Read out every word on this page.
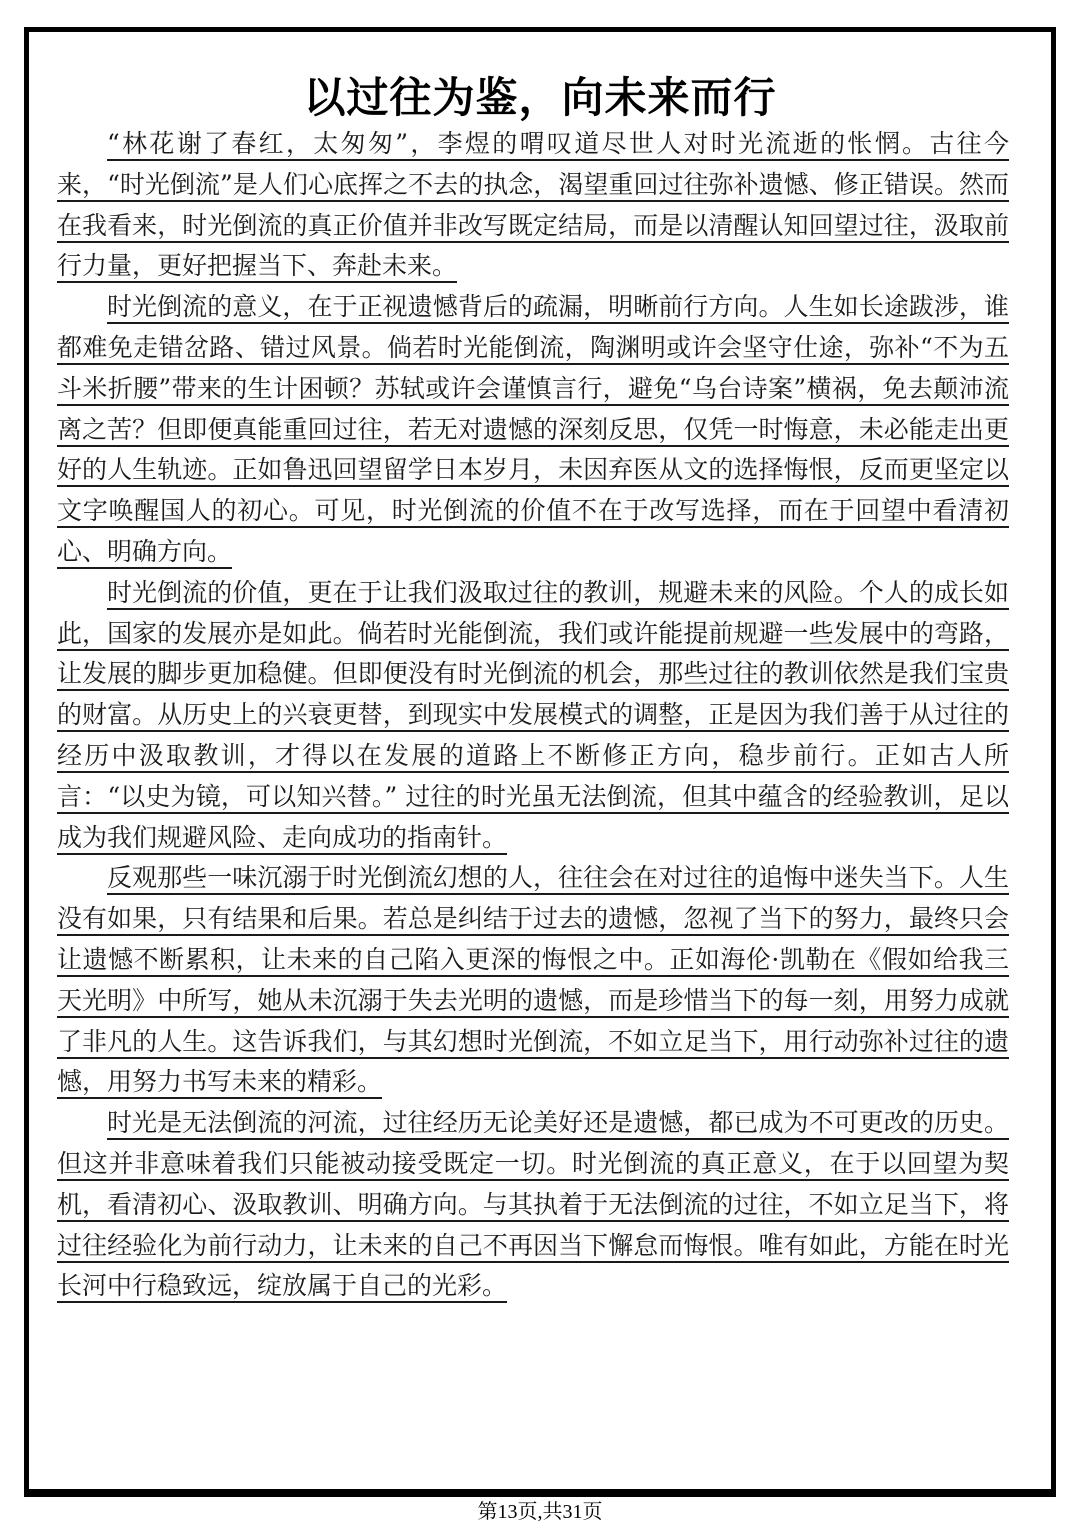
以过往为鉴，向未来而行

“林花谢了春红，太匆匆”，李煜的喟叹道尽世人对时光流逝的怅惘。古往今来，“时光倒流”是人们心底挥之不去的执念，渴望重回过往弥补遗憾、修正错误。然而在我看来，时光倒流的真正价值并非改写既定结局，而是以清醒认知回望过往，汲取前行力量，更好把握当下、奔赴未来。

时光倒流的意义，在于正视遗憾背后的疏漏，明晰前行方向。人生如长途跋涉，谁都难免走错岔路、错过风景。倘若时光能倒流，陶渊明或许会坚守仕途，弥补“不为五斗米折腰”带来的生计困顿？苏轼或许会谨慎言行，避免“乌台诗案”横祸，免去颠沛流离之苦？但即便真能重回过往，若无对遗憾的深刻反思，仅凭一时悔意，未必能走出更好的人生轨迹。正如鲁迅回望留学日本岁月，未因弃医从文的选择悔恨，反而更坚定以文字唤醒国人的初心。可见，时光倒流的价值不在于改写选择，而在于回望中看清初心、明确方向。

时光倒流的价值，更在于让我们汲取过往的教训，规避未来的风险。个人的成长如此，国家的发展亦是如此。倘若时光能倒流，我们或许能提前规避一些发展中的弯路，让发展的脚步更加稳健。但即便没有时光倒流的机会，那些过往的教训依然是我们宝贵的财富。从历史上的兴衰更替，到现实中发展模式的调整，正是因为我们善于从过往的经历中汲取教训，才得以在发展的道路上不断修正方向，稳步前行。正如古人所言：“以史为镜，可以知兴替。” 过往的时光虽无法倒流，但其中蕴含的经验教训，足以成为我们规避风险、走向成功的指南针。

反观那些一味沉溺于时光倒流幻想的人，往往会在对过往的追悔中迷失当下。人生没有如果，只有结果和后果。若总是纠结于过去的遗憾，忽视了当下的努力，最终只会让遗憾不断累积，让未来的自己陷入更深的悔恨之中。正如海伦·凯勒在《假如给我三天光明》中所写，她从未沉溺于失去光明的遗憾，而是珍惜当下的每一刻，用努力成就了非凡的人生。这告诉我们，与其幻想时光倒流，不如立足当下，用行动弥补过往的遗憾，用努力书写未来的精彩。

时光是无法倒流的河流，过往经历无论美好还是遗憾，都已成为不可更改的历史。但这并非意味着我们只能被动接受既定一切。时光倒流的真正意义，在于以回望为契机，看清初心、汲取教训、明确方向。与其执着于无法倒流的过往，不如立足当下，将过往经验化为前行动力，让未来的自己不再因当下懈怠而悔恨。唯有如此，方能在时光长河中行稳致远，绽放属于自己的光彩。

第13页,共31页
